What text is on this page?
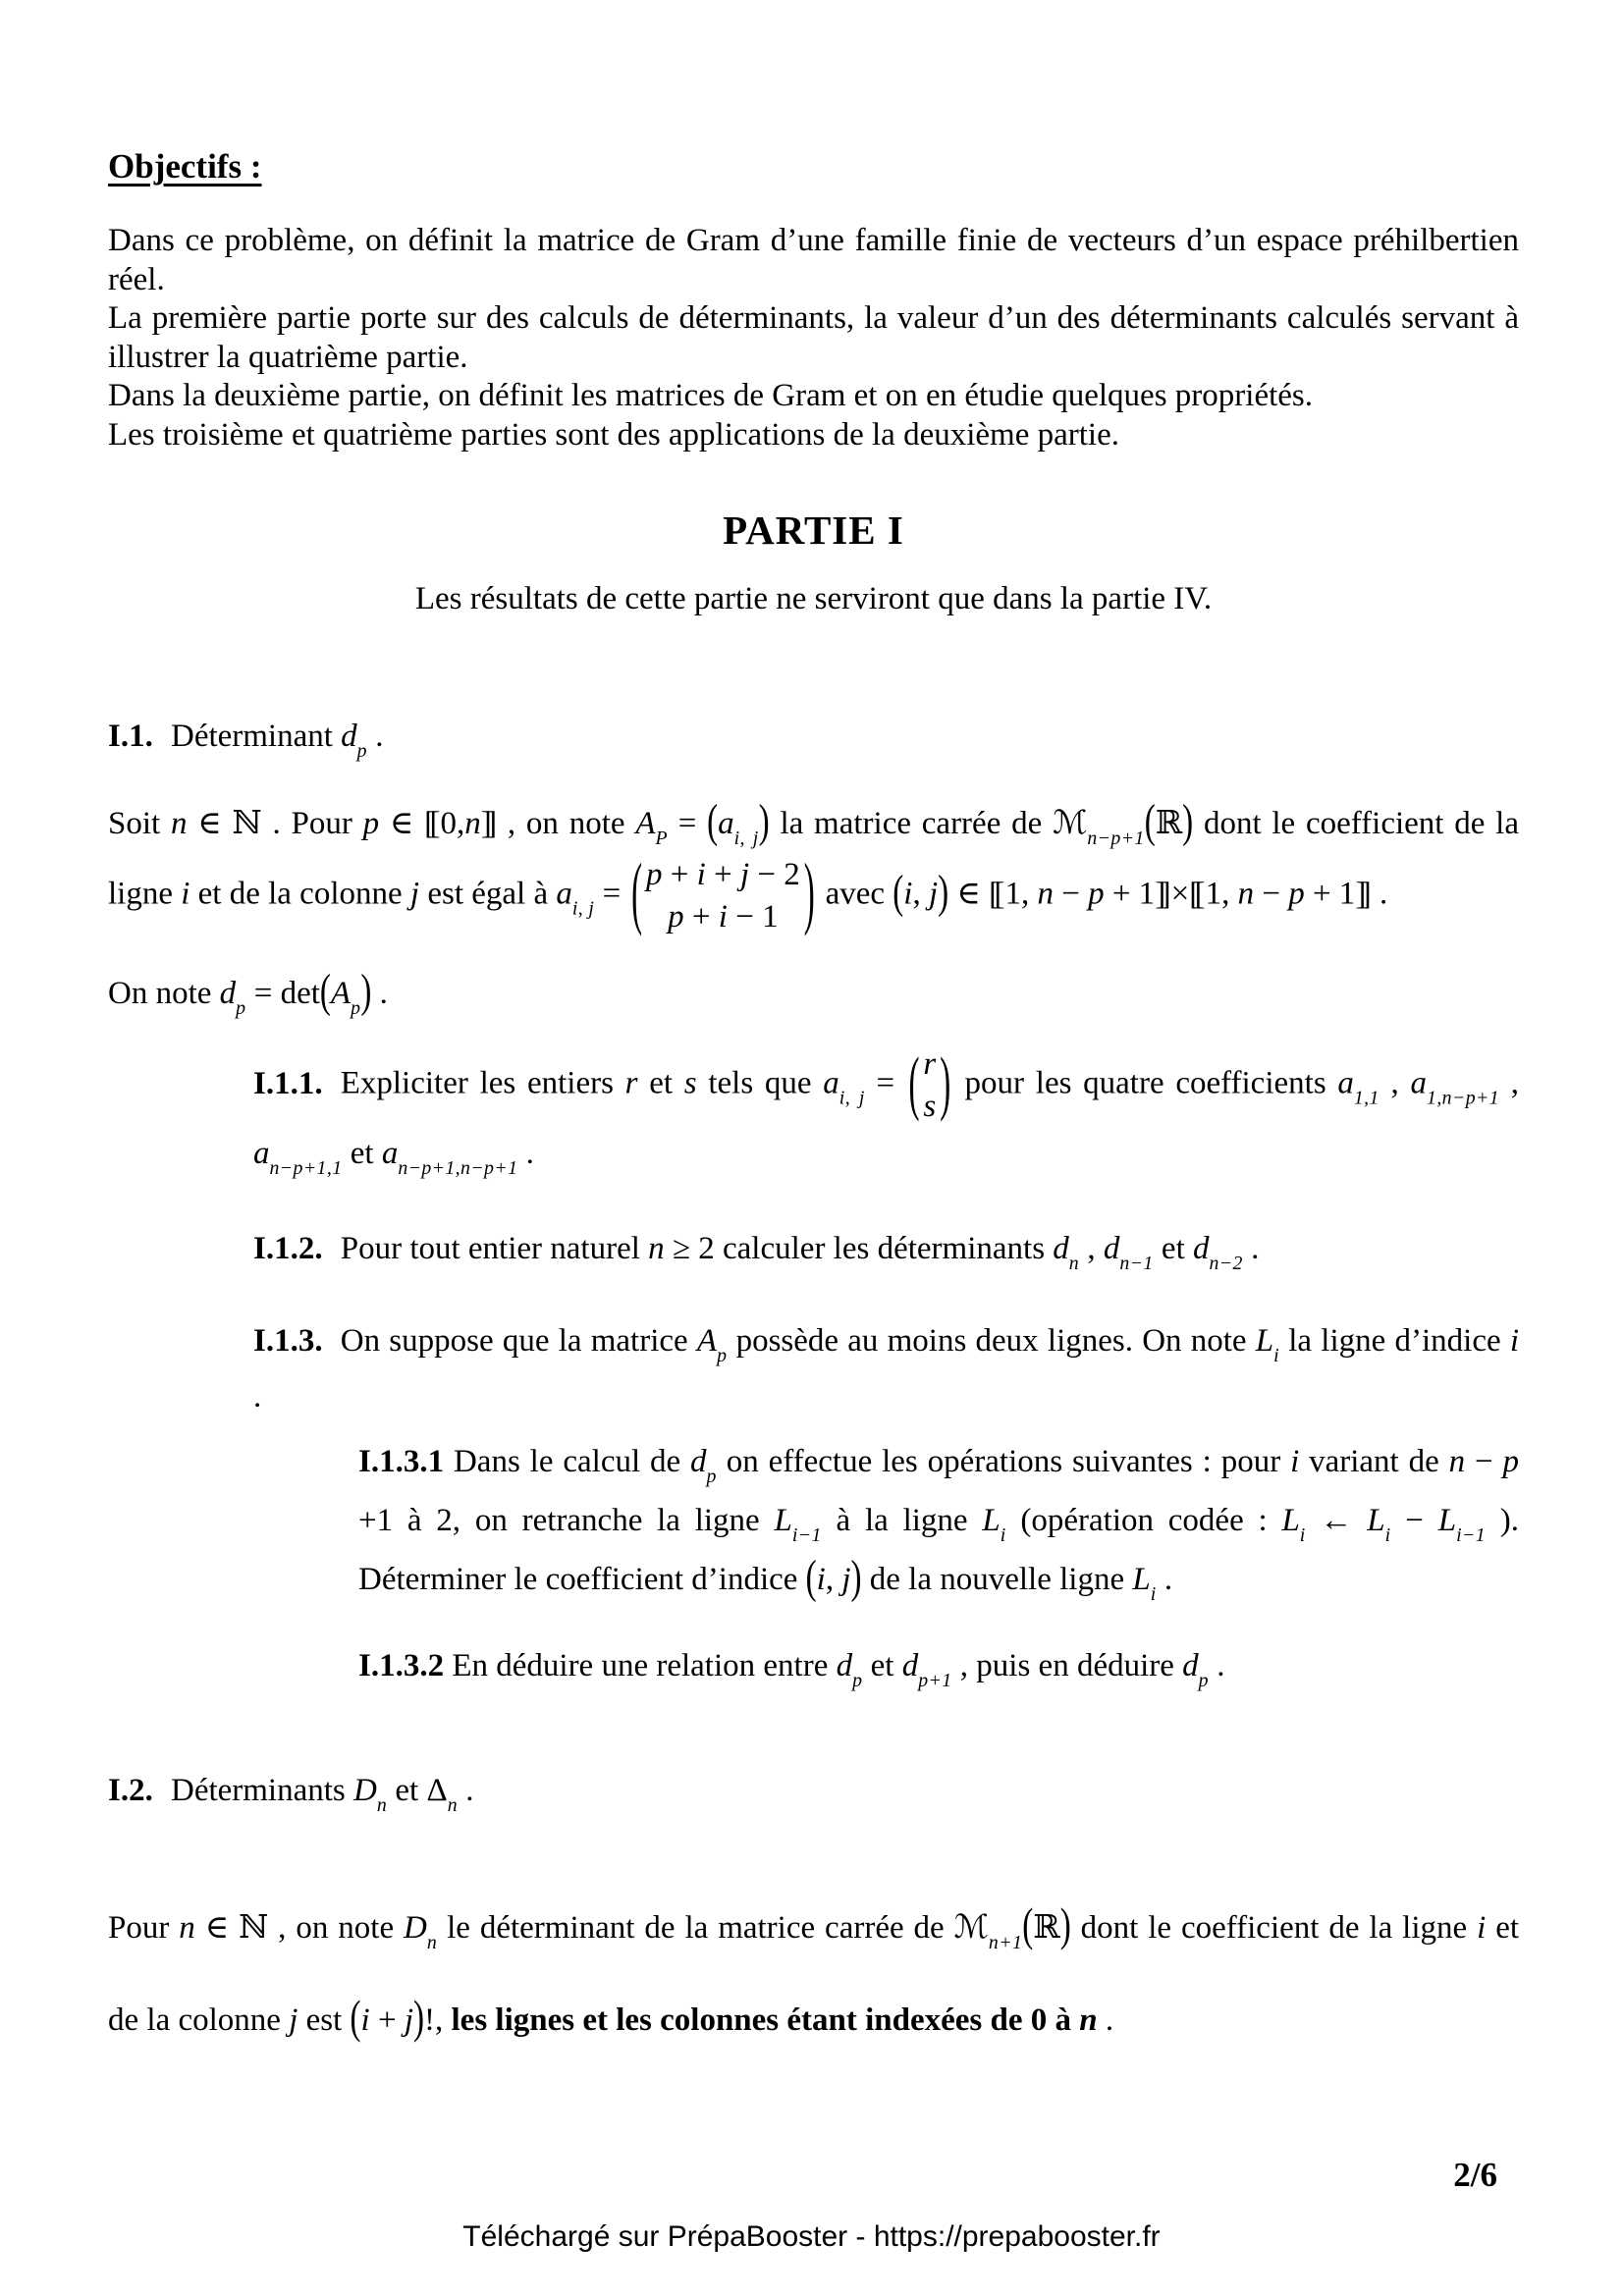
Objectifs :

Dans ce problème, on définit la matrice de Gram d’une famille finie de vecteurs d’un espace préhilbertien réel.

La première partie porte sur des calculs de déterminants, la valeur d’un des déterminants calculés servant à illustrer la quatrième partie.

Dans la deuxième partie, on définit les matrices de Gram et on en étudie quelques propriétés.

Les troisième et quatrième parties sont des applications de la deuxième partie.

PARTIE I
Les résultats de cette partie ne serviront que dans la partie IV.
I.1. Déterminant $d_p$ .

Soit n ∈ ℕ . Pour p ∈ [[ 0,n]] , on note $A_P = (a_{i, j})$ la matrice carrée de ℳ$_{n-p+1}$(ℝ) dont le coefficient de la ligne i et de la colonne j est égal à $a_{i, j}$ = ( p + i + j − 2
p + i − 1 ) avec (i, j) ∈ [[ 1, n − p + 1]] ×[[ 1, n − p + 1]] .

On note $d_p = \det(A_p)$ .

I.1.1. Expliciter les entiers r et s tels que $a_{i, j}$ = ( r
s ) pour les quatre coefficients $a_{1,1}$ , $a_{1,n-p+1}$ , $a_{n-p+1,1}$ et $a_{n-p+1,n-p+1}$ .

I.1.2. Pour tout entier naturel n ≥ 2 calculer les déterminants $d_n$ , $d_{n-1}$ et $d_{n-2}$ .

I.1.3. On suppose que la matrice $A_p$ possède au moins deux lignes. On note $L_i$ la ligne d’indice i .

I.1.3.1 Dans le calcul de $d_p$ on effectue les opérations suivantes : pour i variant de n − p +1 à 2, on retranche la ligne $L_{i-1}$ à la ligne $L_i$ (opération codée : $L_i$ ← $L_i - L_{i-1}$ ). Déterminer le coefficient d’indice (i, j) de la nouvelle ligne $L_i$ .

I.1.3.2 En déduire une relation entre $d_p$ et $d_{p+1}$ , puis en déduire $d_p$ .

I.2. Déterminants $D_n$ et $\Delta_n$ .

Pour n ∈ ℕ , on note $D_n$ le déterminant de la matrice carrée de ℳ$_{n+1}$(ℝ) dont le coefficient de la ligne i et de la colonne j est (i + j)!, les lignes et les colonnes étant indexées de 0 à n .

2/6
Téléchargé sur PrépaBooster - https://prepabooster.fr
